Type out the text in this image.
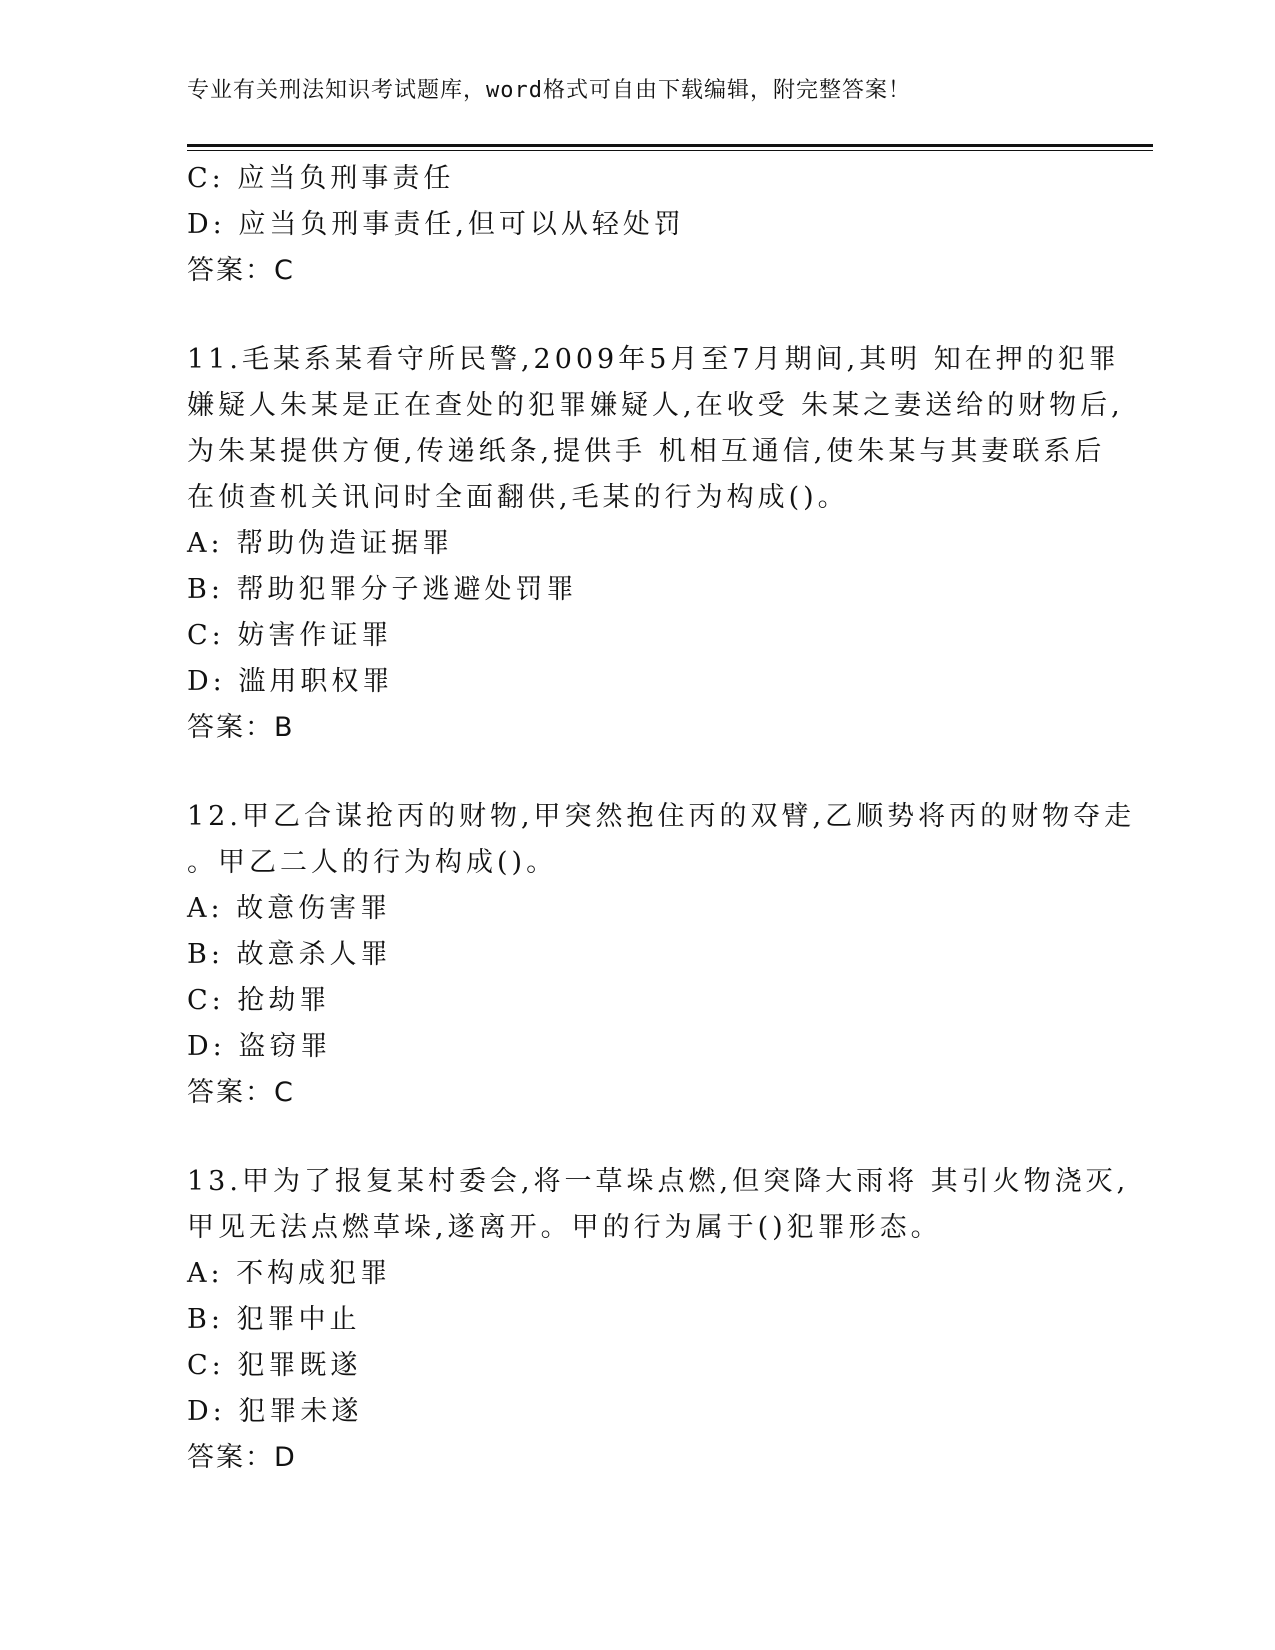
专业有关刑法知识考试题库，word格式可自由下载编辑，附完整答案！
C: 应当负刑事责任
D: 应当负刑事责任,但可以从轻处罚
答案：C
11.毛某系某看守所民警,2009年5月至7月期间,其明 知在押的犯罪
嫌疑人朱某是正在查处的犯罪嫌疑人,在收受 朱某之妻送给的财物后,
为朱某提供方便,传递纸条,提供手 机相互通信,使朱某与其妻联系后
在侦查机关讯问时全面翻供,毛某的行为构成()。
A: 帮助伪造证据罪
B: 帮助犯罪分子逃避处罚罪
C: 妨害作证罪
D: 滥用职权罪
答案：B
12.甲乙合谋抢丙的财物,甲突然抱住丙的双臂,乙顺势将丙的财物夺走
。甲乙二人的行为构成()。
A: 故意伤害罪
B: 故意杀人罪
C: 抢劫罪
D: 盗窃罪
答案：C
13.甲为了报复某村委会,将一草垛点燃,但突降大雨将 其引火物浇灭,
甲见无法点燃草垛,遂离开。甲的行为属于()犯罪形态。
A: 不构成犯罪
B: 犯罪中止
C: 犯罪既遂
D: 犯罪未遂
答案：D
